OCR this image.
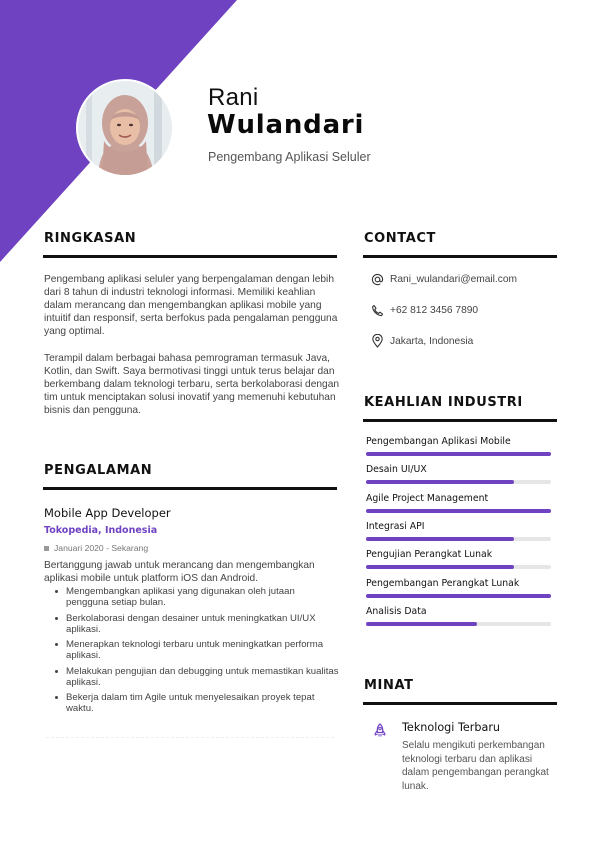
Rani
Wulandari
Pengembang Aplikasi Seluler
RINGKASAN

Pengembang aplikasi seluler yang berpengalaman dengan lebih dari 8 tahun di industri teknologi informasi. Memiliki keahlian dalam merancang dan mengembangkan aplikasi mobile yang intuitif dan responsif, serta berfokus pada pengalaman pengguna yang optimal.

Terampil dalam berbagai bahasa pemrograman termasuk Java, Kotlin, dan Swift. Saya bermotivasi tinggi untuk terus belajar dan berkembang dalam teknologi terbaru, serta berkolaborasi dengan tim untuk menciptakan solusi inovatif yang memenuhi kebutuhan bisnis dan pengguna.

PENGALAMAN
Mobile App Developer
Tokopedia, Indonesia
Januari 2020 - Sekarang

Bertanggung jawab untuk merancang dan mengembangkan aplikasi mobile untuk platform iOS dan Android.

Mengembangkan aplikasi yang digunakan oleh jutaan pengguna setiap bulan.
Berkolaborasi dengan desainer untuk meningkatkan UI/UX aplikasi.
Menerapkan teknologi terbaru untuk meningkatkan performa aplikasi.
Melakukan pengujian dan debugging untuk memastikan kualitas aplikasi.
Bekerja dalam tim Agile untuk menyelesaikan proyek tepat waktu.
CONTACT
Rani_wulandari@email.com
+62 812 3456 7890
Jakarta, Indonesia
KEAHLIAN INDUSTRI
Pengembangan Aplikasi Mobile
Desain UI/UX
Agile Project Management
Integrasi API
Pengujian Perangkat Lunak
Pengembangan Perangkat Lunak
Analisis Data
MINAT
Teknologi Terbaru

Selalu mengikuti perkembangan teknologi terbaru dan aplikasi dalam pengembangan perangkat lunak.
